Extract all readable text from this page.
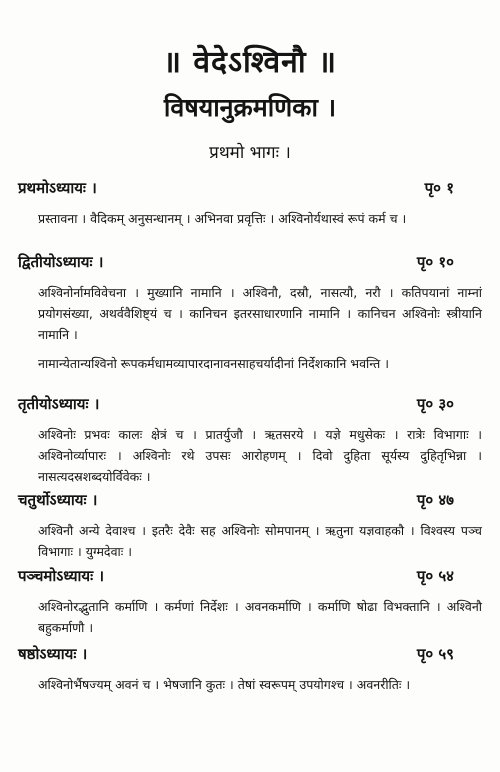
॥ वेदेऽश्विनौ ॥
विषयानुक्रमणिका ।
प्रथमो भागः ।
प्रथमोऽध्यायः ।	पृ० १

प्रस्तावना । वैदिकम् अनुसन्धानम् । अभिनवा प्रवृत्तिः । अश्विनोर्यथास्वं रूपं कर्म च ।

द्वितीयोऽध्यायः ।	पृ० १०

अश्विनोर्नामविवेचना । मुख्यानि नामानि । अश्विनौ, दस्रौ, नासत्यौ, नरौ । कतिपयानां नाम्नां प्रयोगसंख्या, अथर्ववैशिष्ट्यं च । कानिचन इतरसाधारणानि नामानि । कानिचन अश्विनोः स्त्रीयानि नामानि ।

नामान्येतान्यश्विनो रूपकर्मधामव्यापारदानावनसाहचर्यादीनां निर्देशकानि भवन्ति ।

तृतीयोऽध्यायः ।	पृ० ३०

अश्विनोः प्रभवः कालः क्षेत्रं च । प्रातर्युजौ । ऋतसरये । यज्ञे मधुसेकः । रात्रेः विभागाः । अश्विनोर्व्यापारः । अश्विनोः रथे उपसः आरोहणम् । दिवो दुहिता सूर्यस्य दुहितृभिन्ना । नासत्यदस्रशब्दयोर्विवेकः ।

चतुर्थोऽध्यायः ।	पृ० ४७

अश्विनौ अन्ये देवाश्च । इतरैः देवैः सह अश्विनोः सोमपानम् । ऋतुना यज्ञवाहकौ । विश्वस्य पञ्च विभागाः । युग्मदेवाः ।

पञ्चमोऽध्यायः ।	पृ० ५४

अश्विनोरद्भुतानि कर्माणि । कर्मणां निर्देशः । अवनकर्माणि । कर्माणि षोढा विभक्तानि । अश्विनौ बहुकर्माणौ ।

षष्ठोऽध्यायः ।	पृ० ५९

अश्विनोर्भैषज्यम् अवनं च । भेषजानि कुतः । तेषां स्वरूपम् उपयोगश्च । अवनरीतिः ।
